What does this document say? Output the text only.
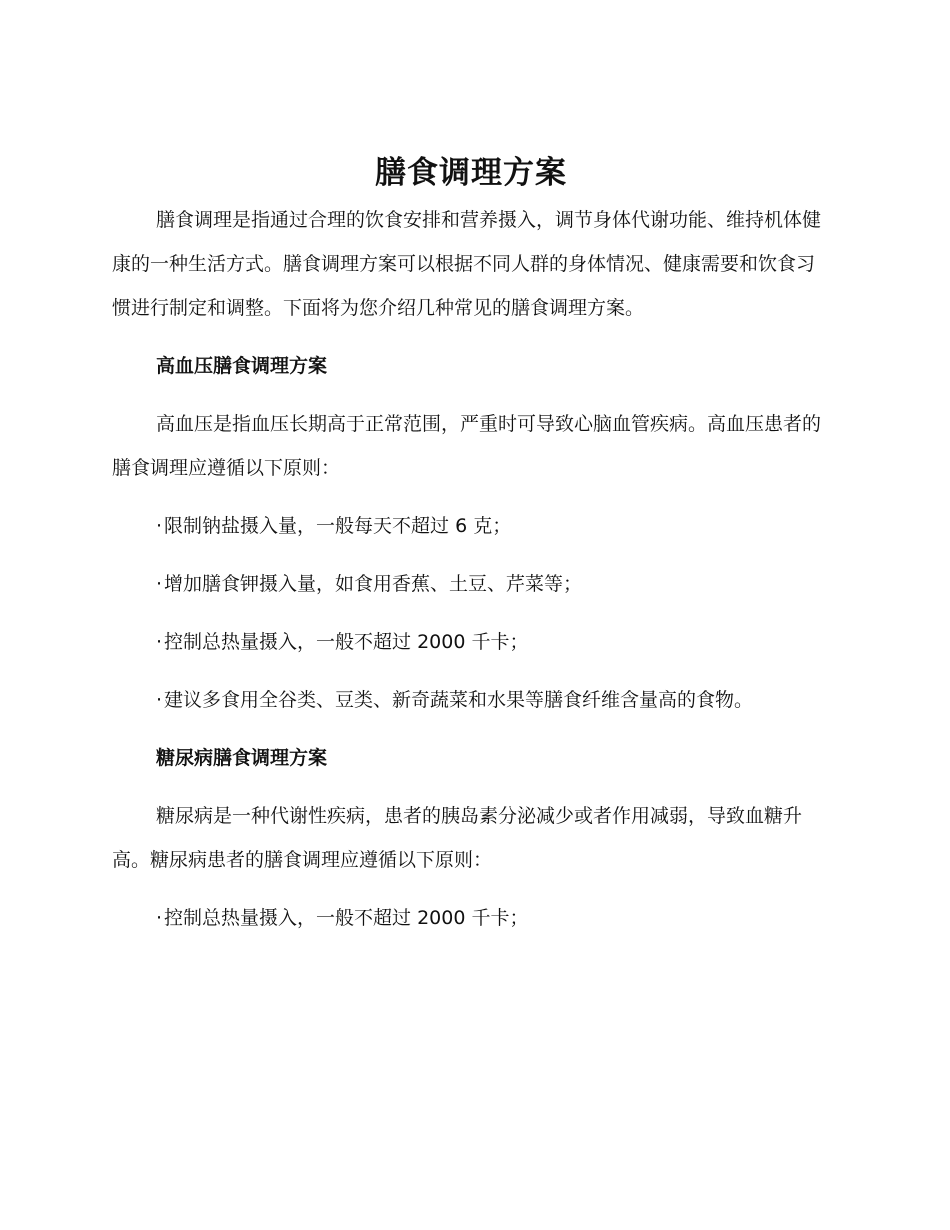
膳食调理方案

膳食调理是指通过合理的饮食安排和营养摄入，调节身体代谢功能、维持机体健康的一种生活方式。膳食调理方案可以根据不同人群的身体情况、健康需要和饮食习惯进行制定和调整。下面将为您介绍几种常见的膳食调理方案。

高血压膳食调理方案

高血压是指血压长期高于正常范围，严重时可导致心脑血管疾病。高血压患者的膳食调理应遵循以下原则：

· 限制钠盐摄入量，一般每天不超过 6 克；

· 增加膳食钾摄入量，如食用香蕉、土豆、芹菜等；

· 控制总热量摄入，一般不超过 2000 千卡；

· 建议多食用全谷类、豆类、新奇蔬菜和水果等膳食纤维含量高的食物。

糖尿病膳食调理方案

糖尿病是一种代谢性疾病，患者的胰岛素分泌减少或者作用减弱，导致血糖升高。糖尿病患者的膳食调理应遵循以下原则：

· 控制总热量摄入，一般不超过 2000 千卡；
